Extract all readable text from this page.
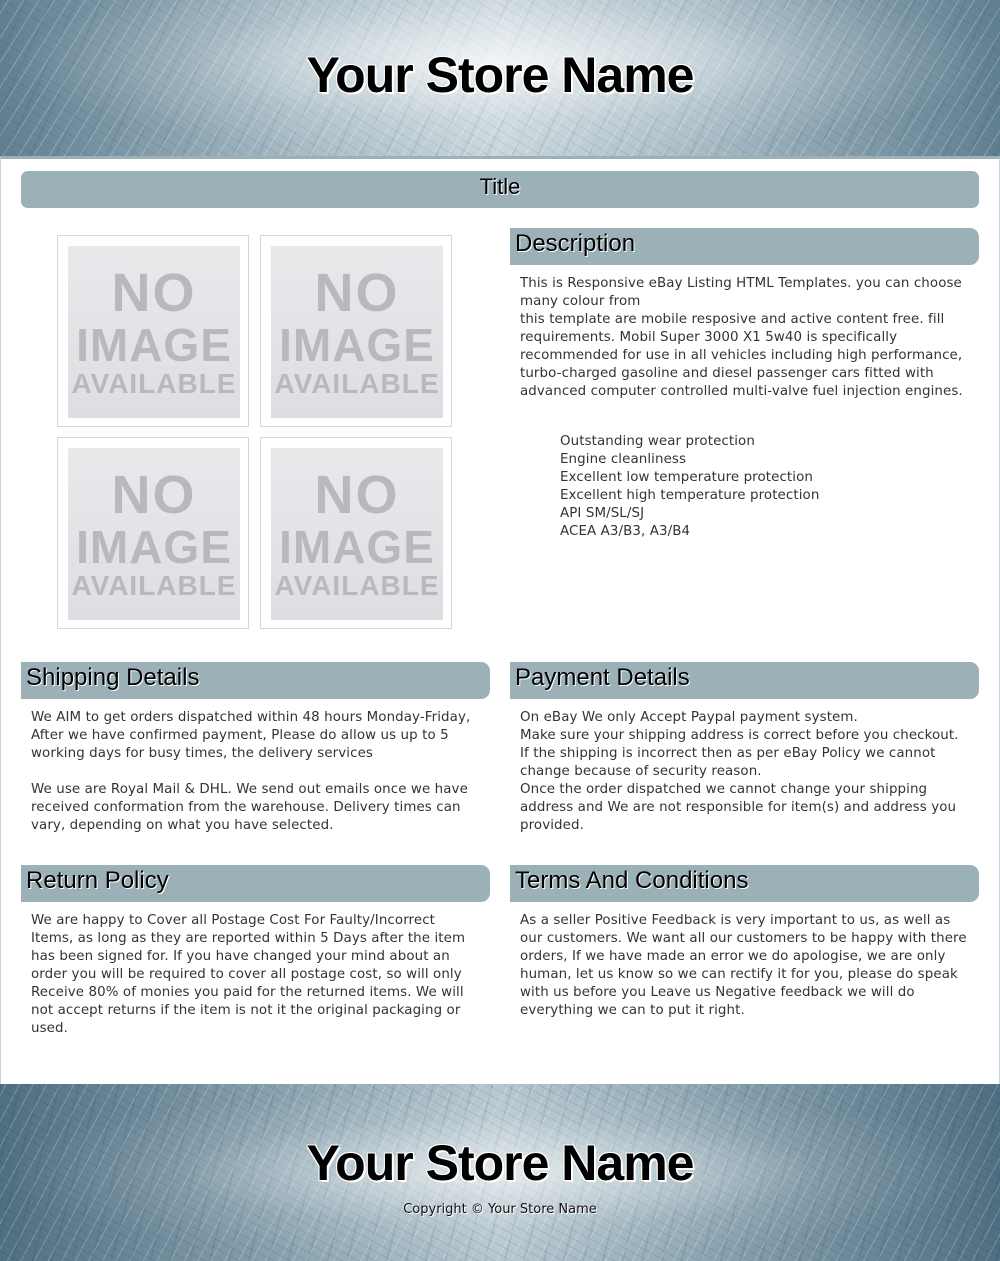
Your Store Name
Title
NO
IMAGE
AVAILABLE
NO
IMAGE
AVAILABLE
NO
IMAGE
AVAILABLE
NO
IMAGE
AVAILABLE
Description
This is Responsive eBay Listing HTML Templates. you can choose many colour from
this template are mobile resposive and active content free. fill requirements. Mobil Super 3000 X1 5w40 is specifically recommended for use in all vehicles including high performance, turbo-charged gasoline and diesel passenger cars fitted with advanced computer controlled multi-valve fuel injection engines.
Outstanding wear protection
Engine cleanliness
Excellent low temperature protection
Excellent high temperature protection
API SM/SL/SJ
ACEA A3/B3, A3/B4
Shipping Details
We AIM to get orders dispatched within 48 hours Monday-Friday, After we have confirmed payment, Please do allow us up to 5 working days for busy times, the delivery services
We use are Royal Mail & DHL. We send out emails once we have received conformation from the warehouse. Delivery times can vary, depending on what you have selected.
Payment Details
On eBay We only Accept Paypal payment system.
Make sure your shipping address is correct before you checkout. If the shipping is incorrect then as per eBay Policy we cannot change because of security reason.
Once the order dispatched we cannot change your shipping address and We are not responsible for item(s) and address you provided.
Return Policy
We are happy to Cover all Postage Cost For Faulty/Incorrect Items, as long as they are reported within 5 Days after the item has been signed for. If you have changed your mind about an order you will be required to cover all postage cost, so will only Receive 80% of monies you paid for the returned items. We will not accept returns if the item is not it the original packaging or used.
Terms And Conditions
As a seller Positive Feedback is very important to us, as well as our customers. We want all our customers to be happy with there orders, If we have made an error we do apologise, we are only human, let us know so we can rectify it for you, please do speak with us before you Leave us Negative feedback we will do everything we can to put it right.
Your Store Name
Copyright © Your Store Name
